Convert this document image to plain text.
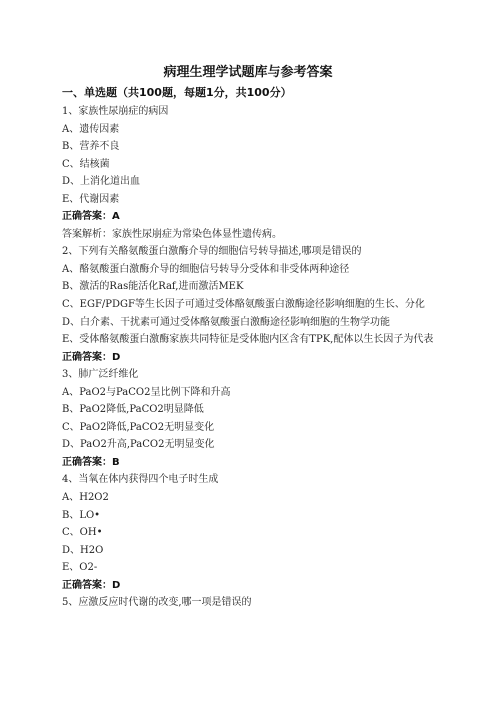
病理生理学试题库与参考答案
一、单选题（共100题，每题1分，共100分）
1、家族性尿崩症的病因
A、遗传因素
B、营养不良
C、结核菌
D、上消化道出血
E、代谢因素
正确答案：A
答案解析：家族性尿崩症为常染色体显性遗传病。
2、下列有关酪氨酸蛋白激酶介导的细胞信号转导描述,哪项是错误的
A、酪氨酸蛋白激酶介导的细胞信号转导分受体和非受体两种途径
B、激活的Ras能活化Raf,进而激活MEK
C、EGF/PDGF等生长因子可通过受体酪氨酸蛋白激酶途径影响细胞的生长、分化
D、白介素、干扰素可通过受体酪氨酸蛋白激酶途径影响细胞的生物学功能
E、受体酪氨酸蛋白激酶家族共同特征是受体胞内区含有TPK,配体以生长因子为代表
正确答案：D
3、肺广泛纤维化
A、PaO2与PaCO2呈比例下降和升高
B、PaO2降低,PaCO2明显降低
C、PaO2降低,PaCO2无明显变化
D、PaO2升高,PaCO2无明显变化
正确答案：B
4、当氧在体内获得四个电子时生成
A、H2O2
B、LO•
C、OH•
D、H2O
E、O2-
正确答案：D
5、应激反应时代谢的改变,哪一项是错误的
